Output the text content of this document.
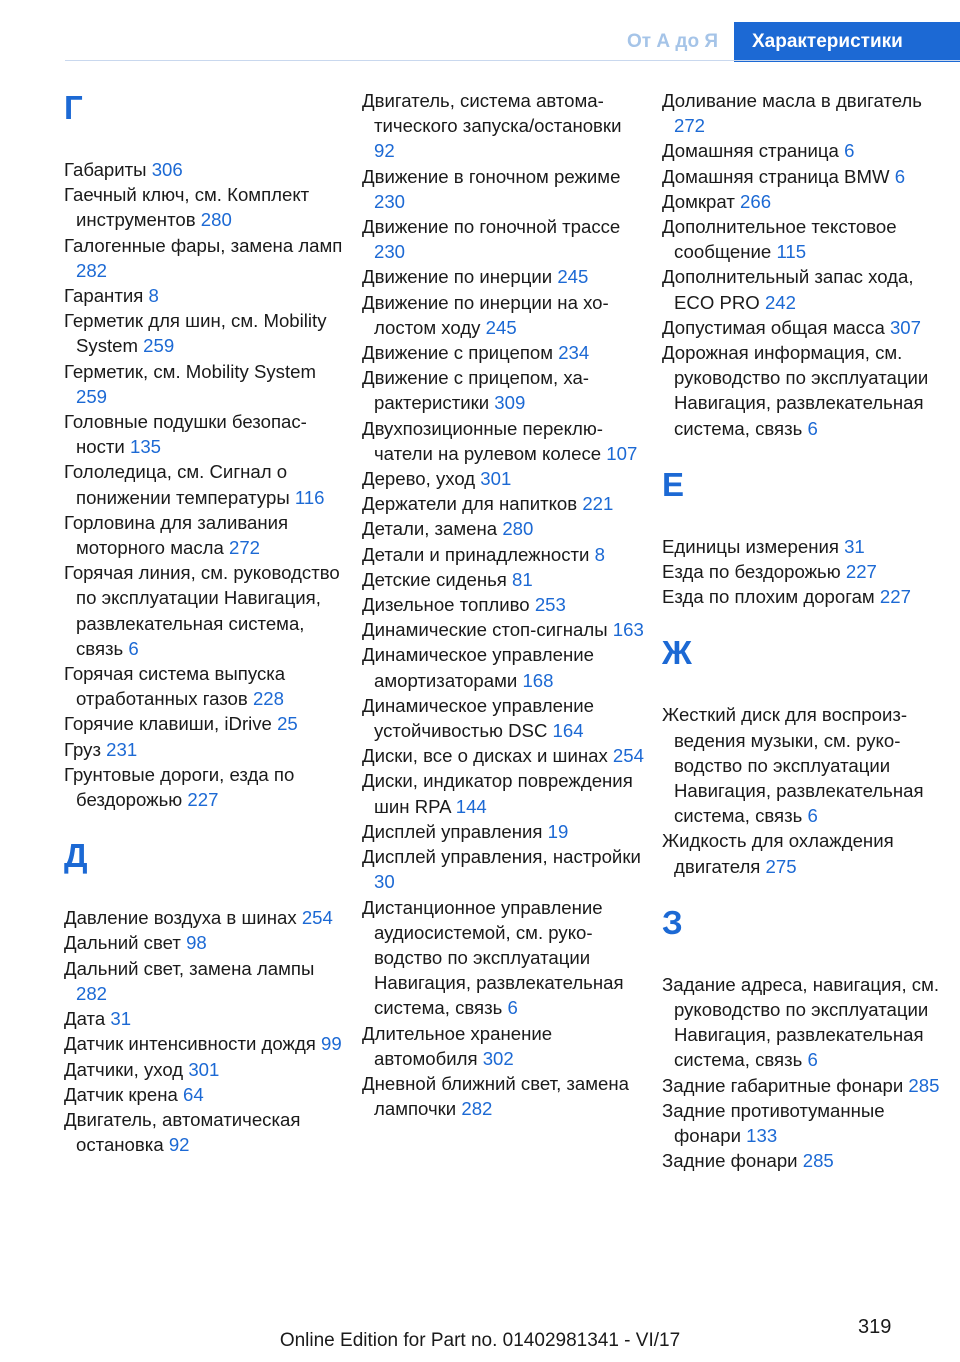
От А до Я	Характеристики
Г
Габариты 306
Гаечный ключ, см. Комплект инструментов 280
Галогенные фары, замена ламп 282
Гарантия 8
Герметик для шин, см. Mobility System 259
Герметик, см. Mobility System 259
Головные подушки безопасности 135
Гололедица, см. Сигнал о понижении температуры 116
Горловина для заливания моторного масла 272
Горячая линия, см. руководство по эксплуатации Навигация, развлекательная система, связь 6
Горячая система выпуска отработанных газов 228
Горячие клавиши, iDrive 25
Груз 231
Грунтовые дороги, езда по бездорожью 227
Д
Давление воздуха в шинах 254
Дальний свет 98
Дальний свет, замена лампы 282
Дата 31
Датчик интенсивности дождя 99
Датчики, уход 301
Датчик крена 64
Двигатель, автоматическая остановка 92
Двигатель, система автоматического запуска/остановки 92
Движение в гоночном режиме 230
Движение по гоночной трассе 230
Движение по инерции 245
Движение по инерции на холостом ходу 245
Движение с прицепом 234
Движение с прицепом, характеристики 309
Двухпозиционные переключатели на рулевом колесе 107
Дерево, уход 301
Держатели для напитков 221
Детали, замена 280
Детали и принадлежности 8
Детские сиденья 81
Дизельное топливо 253
Динамические стоп-сигналы 163
Динамическое управление амортизаторами 168
Динамическое управление устойчивостью DSC 164
Диски, все о дисках и шинах 254
Диски, индикатор повреждения шин RPA 144
Дисплей управления 19
Дисплей управления, настройки 30
Дистанционное управление аудиосистемой, см. руководство по эксплуатации Навигация, развлекательная система, связь 6
Длительное хранение автомобиля 302
Дневной ближний свет, замена лампочки 282
Доливание масла в двигатель 272
Домашняя страница 6
Домашняя страница BMW 6
Домкрат 266
Дополнительное текстовое сообщение 115
Дополнительный запас хода, ECO PRO 242
Допустимая общая масса 307
Дорожная информация, см. руководство по эксплуатации Навигация, развлекательная система, связь 6
Е
Единицы измерения 31
Езда по бездорожью 227
Езда по плохим дорогам 227
Ж
Жесткий диск для воспроизведения музыки, см. руководство по эксплуатации Навигация, развлекательная система, связь 6
Жидкость для охлаждения двигателя 275
З
Задание адреса, навигация, см. руководство по эксплуатации Навигация, развлекательная система, связь 6
Задние габаритные фонари 285
Задние противотуманные фонари 133
Задние фонари 285
319
Online Edition for Part no. 01402981341 - VI/17
